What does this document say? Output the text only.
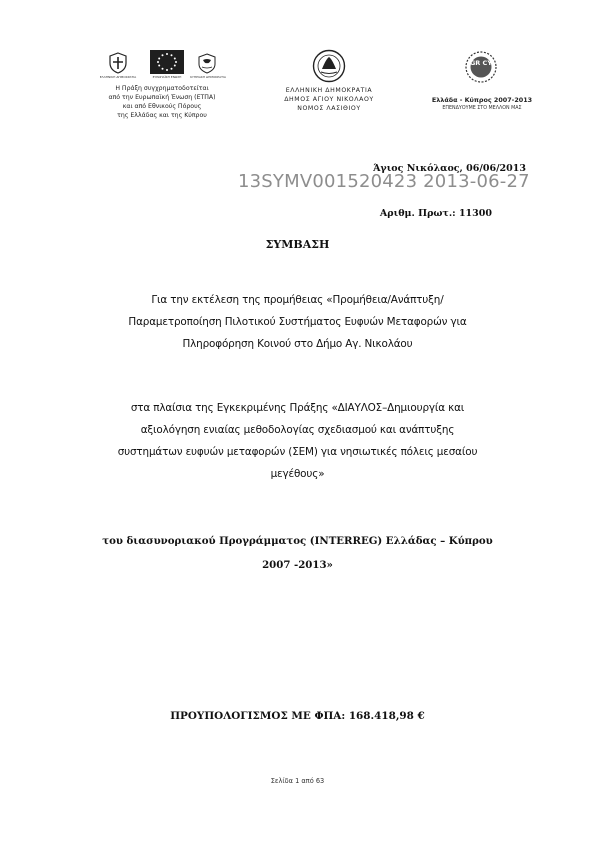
ΕΛΛΗΝΙΚΗ ΔΗΜΟΚΡΑΤΙΑ	ΕΥΡΩΠΑΪΚΗ ΕΝΩΣΗ	ΚΥΠΡΙΑΚΗ ΔΗΜΟΚΡΑΤΙΑ
Η Πράξη συγχρηματοδοτείται
από την Ευρωπαϊκή Ένωση (ΕΤΠΑ)
και από Εθνικούς Πόρους
της Ελλάδας και της Κύπρου
ΕΛΛΗΝΙΚΗ ΔΗΜΟΚΡΑΤΙΑ
ΔΗΜΟΣ ΑΓΙΟΥ ΝΙΚΟΛΑΟΥ
ΝΟΜΟΣ ΛΑΣΙΘΙΟΥ
GR CY
Ελλάδα - Κύπρος 2007-2013
ΕΠΕΝΔΥΟΥΜΕ ΣΤΟ ΜΕΛΛΟΝ ΜΑΣ
Άγιος Νικόλαος, 06/06/2013
13SYMV001520423 2013-06-27
Αριθμ. Πρωτ.: 11300
ΣΥΜΒΑΣΗ
Για την εκτέλεση της προμήθειας «Προμήθεια/Ανάπτυξη/
Παραμετροποίηση Πιλοτικού Συστήματος Ευφυών Μεταφορών για
Πληροφόρηση Κοινού στο Δήμο Αγ. Νικολάου
στα πλαίσια της Εγκεκριμένης Πράξης «ΔΙΑΥΛΟΣ–Δημιουργία και
αξιολόγηση ενιαίας μεθοδολογίας σχεδιασμού και ανάπτυξης
συστημάτων ευφυών μεταφορών (ΣΕΜ) για νησιωτικές πόλεις μεσαίου
μεγέθους»
του διασυνοριακού Προγράμματος (INTERREG) Ελλάδας – Κύπρου
2007 -2013»
ΠΡΟΥΠΟΛΟΓΙΣΜΟΣ ΜΕ ΦΠΑ: 168.418,98 €
Σελίδα 1 από 63
